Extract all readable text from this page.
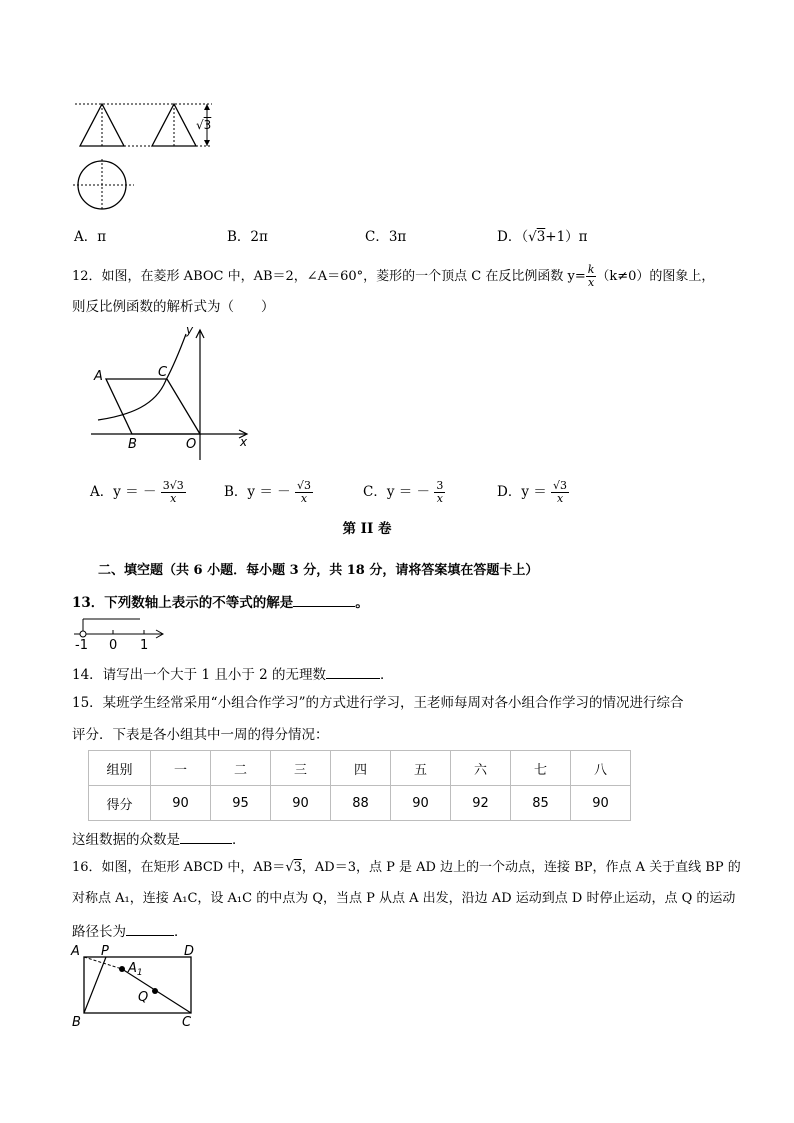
√3
A．π	B．2π	C．3π	D．（√3+1）π
12．如图，在菱形 ABOC 中，AB＝2，∠A＝60°，菱形的一个顶点 C 在反比例函数 $y= \frac{k}{x} (k\ne 0)$的图象上，
则反比例函数的解析式为（　　）
A	C
B	O	x
y
A．y ＝ － $\frac{3√3}{x}$	B．y ＝ － $\frac{√3}{x}$	C．y ＝ － $\frac{3}{x}$	D．$y = \frac{√3}{x}$
第 II 卷
二、填空题（共 6 小题．每小题 3 分，共 18 分，请将答案填在答题卡上）
13．下列数轴上表示的不等式的解是	。
-1 0 1
14．请写出一个大于 1 且小于 2 的无理数	．
15．某班学生经常采用“小组合作学习”的方式进行学习，王老师每周对各小组合作学习的情况进行综合
评分．下表是各小组其中一周的得分情况：
组别	一	二	三	四	五	六	七	八
得分	90	95	90	88	90	92	85	90
这组数据的众数是	．
16．如图，在矩形 ABCD 中，AB＝√3，AD＝3，点 P 是 AD 边上的一个动点，连接 BP，作点 A 关于直线 BP 的
对称点 A₁，连接 A₁C，设 A₁C 的中点为 Q，当点 P 从点 A 出发，沿边 AD 运动到点 D 时停止运动，点 Q 的运动
路径长为	．
A P	D
$A_1$
Q
B	C
